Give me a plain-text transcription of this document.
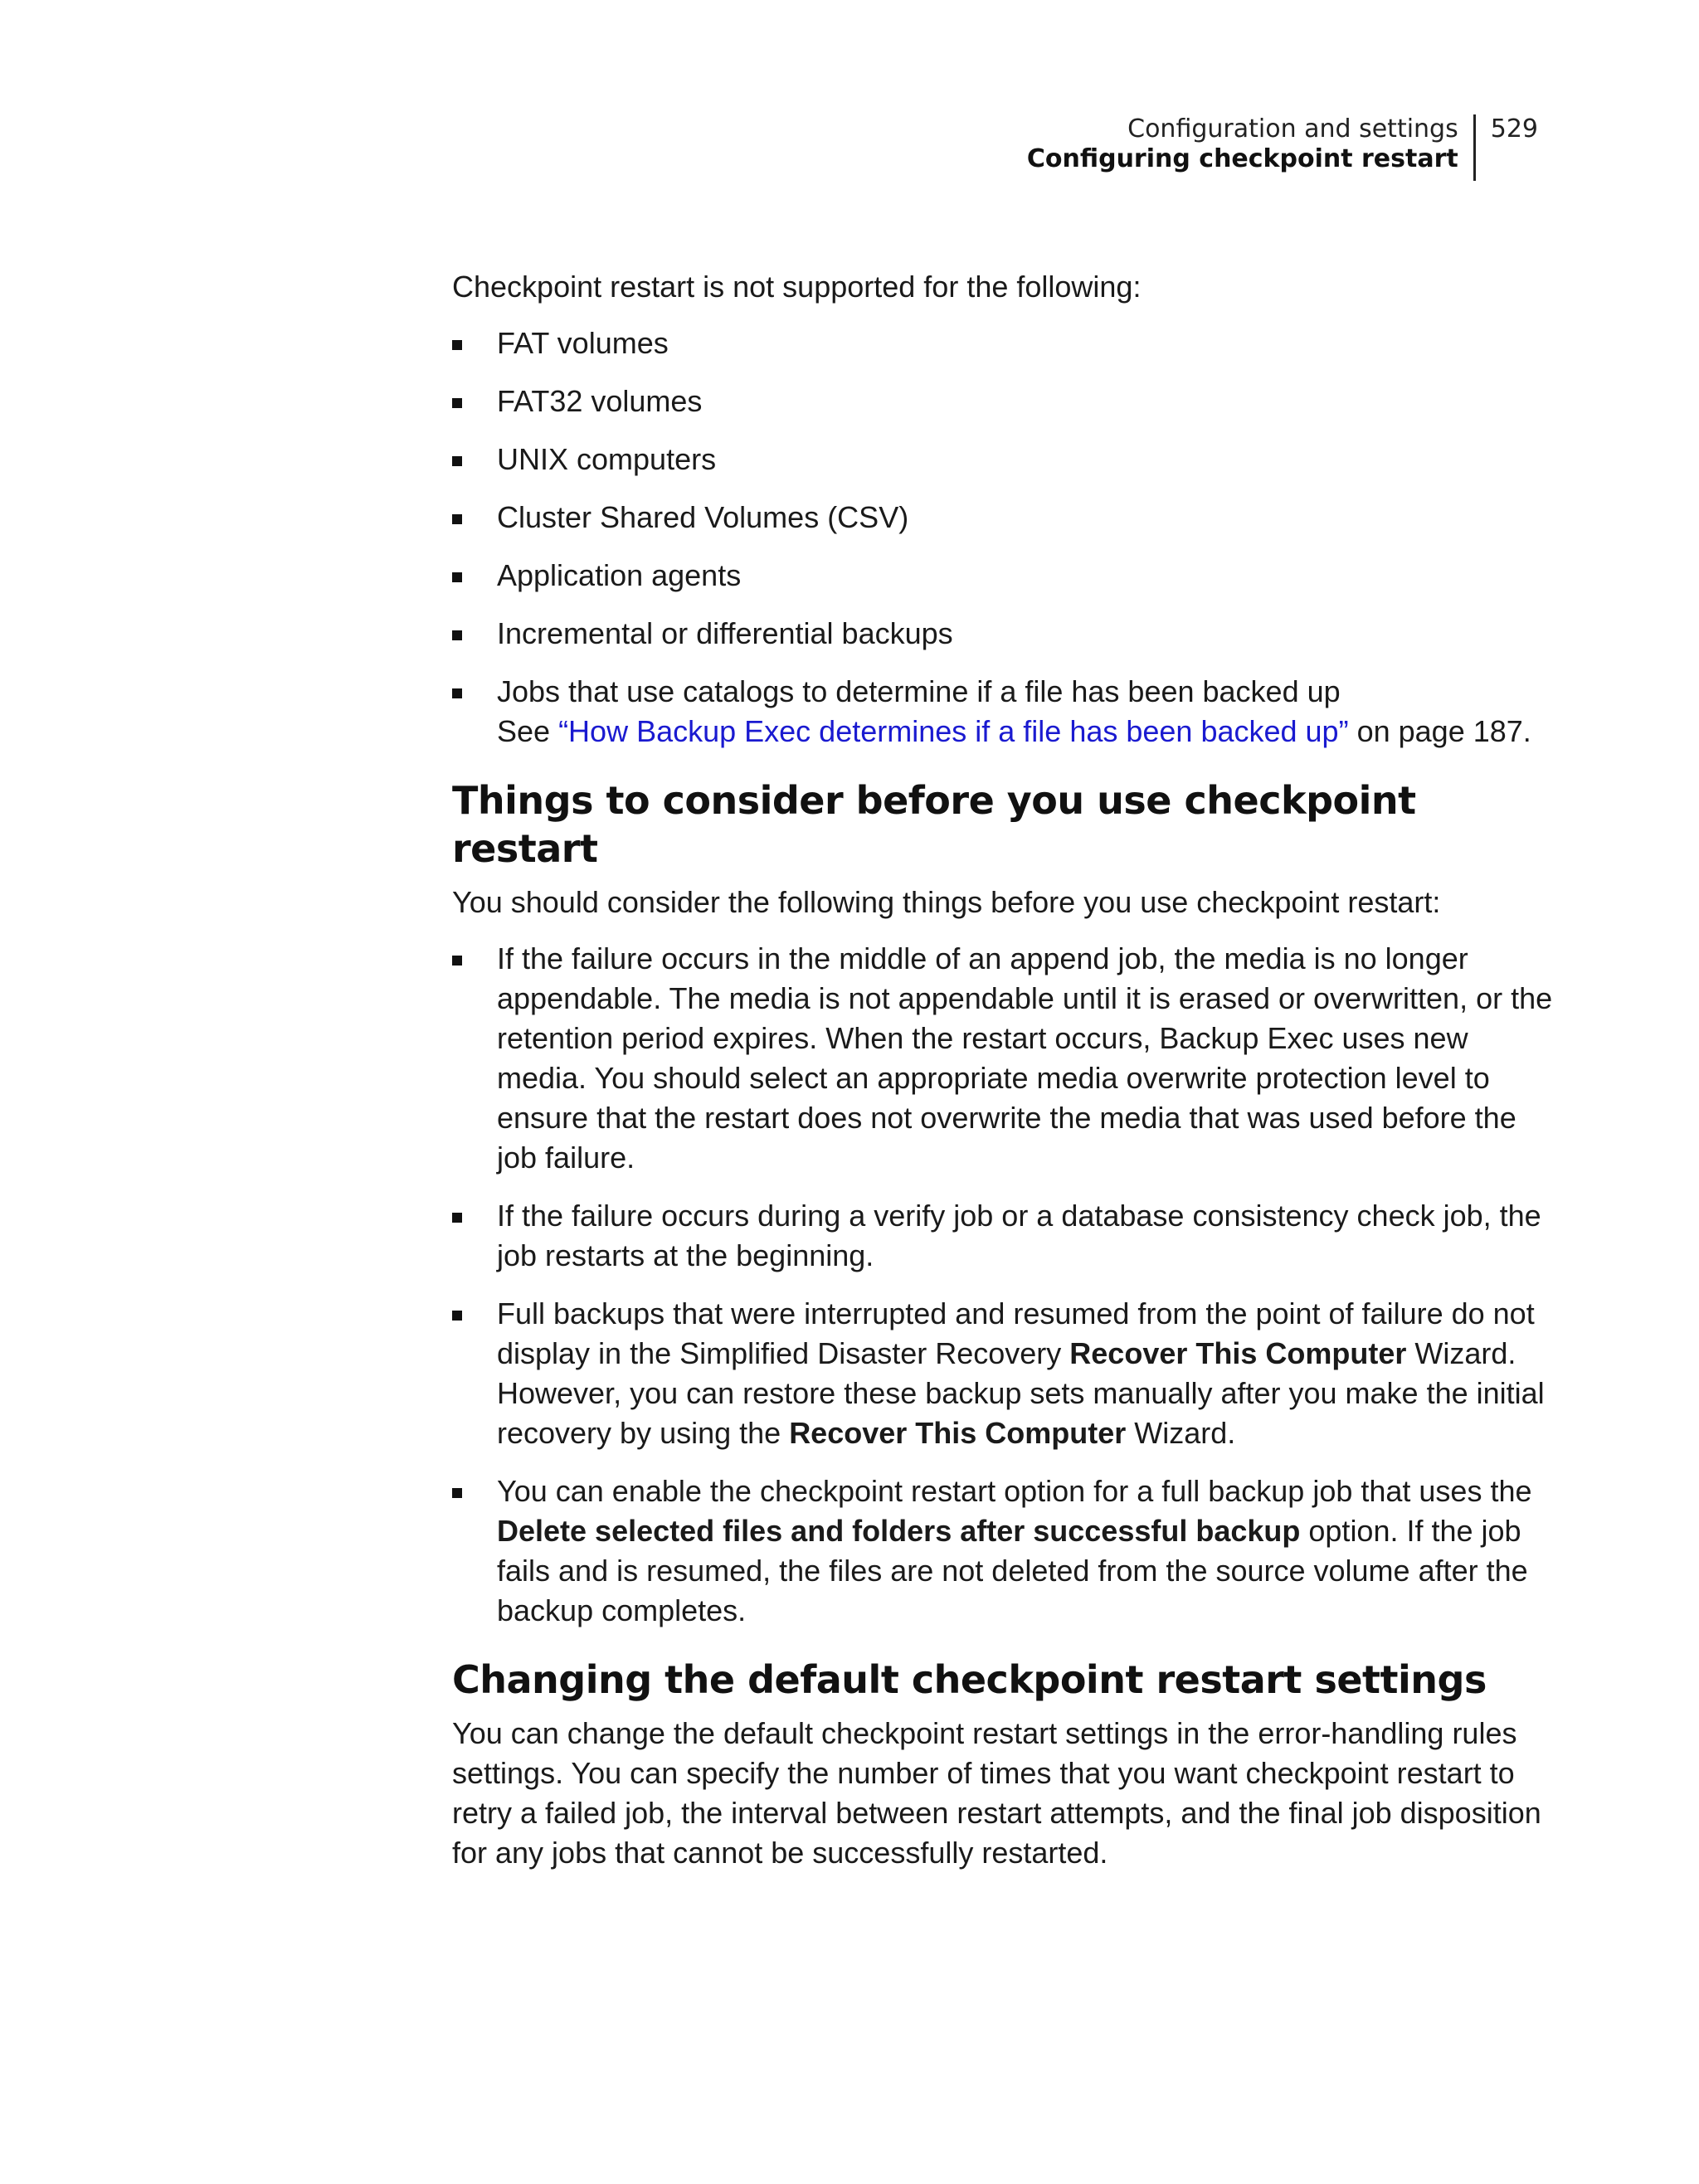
Configuration and settings
Configuring checkpoint restart
529

Checkpoint restart is not supported for the following:

FAT volumes
FAT32 volumes
UNIX computers
Cluster Shared Volumes (CSV)
Application agents
Incremental or differential backups
Jobs that use catalogs to determine if a file has been backed up
See “How Backup Exec determines if a file has been backed up” on page 187.
Things to consider before you use checkpoint restart

You should consider the following things before you use checkpoint restart:

If the failure occurs in the middle of an append job, the media is no longer appendable. The media is not appendable until it is erased or overwritten, or the retention period expires. When the restart occurs, Backup Exec uses new media. You should select an appropriate media overwrite protection level to ensure that the restart does not overwrite the media that was used before the job failure.
If the failure occurs during a verify job or a database consistency check job, the job restarts at the beginning.
Full backups that were interrupted and resumed from the point of failure do not display in the Simplified Disaster Recovery Recover This Computer Wizard. However, you can restore these backup sets manually after you make the initial recovery by using the Recover This Computer Wizard.
You can enable the checkpoint restart option for a full backup job that uses the Delete selected files and folders after successful backup option. If the job fails and is resumed, the files are not deleted from the source volume after the backup completes.
Changing the default checkpoint restart settings

You can change the default checkpoint restart settings in the error-handling rules settings. You can specify the number of times that you want checkpoint restart to retry a failed job, the interval between restart attempts, and the final job disposition for any jobs that cannot be successfully restarted.
